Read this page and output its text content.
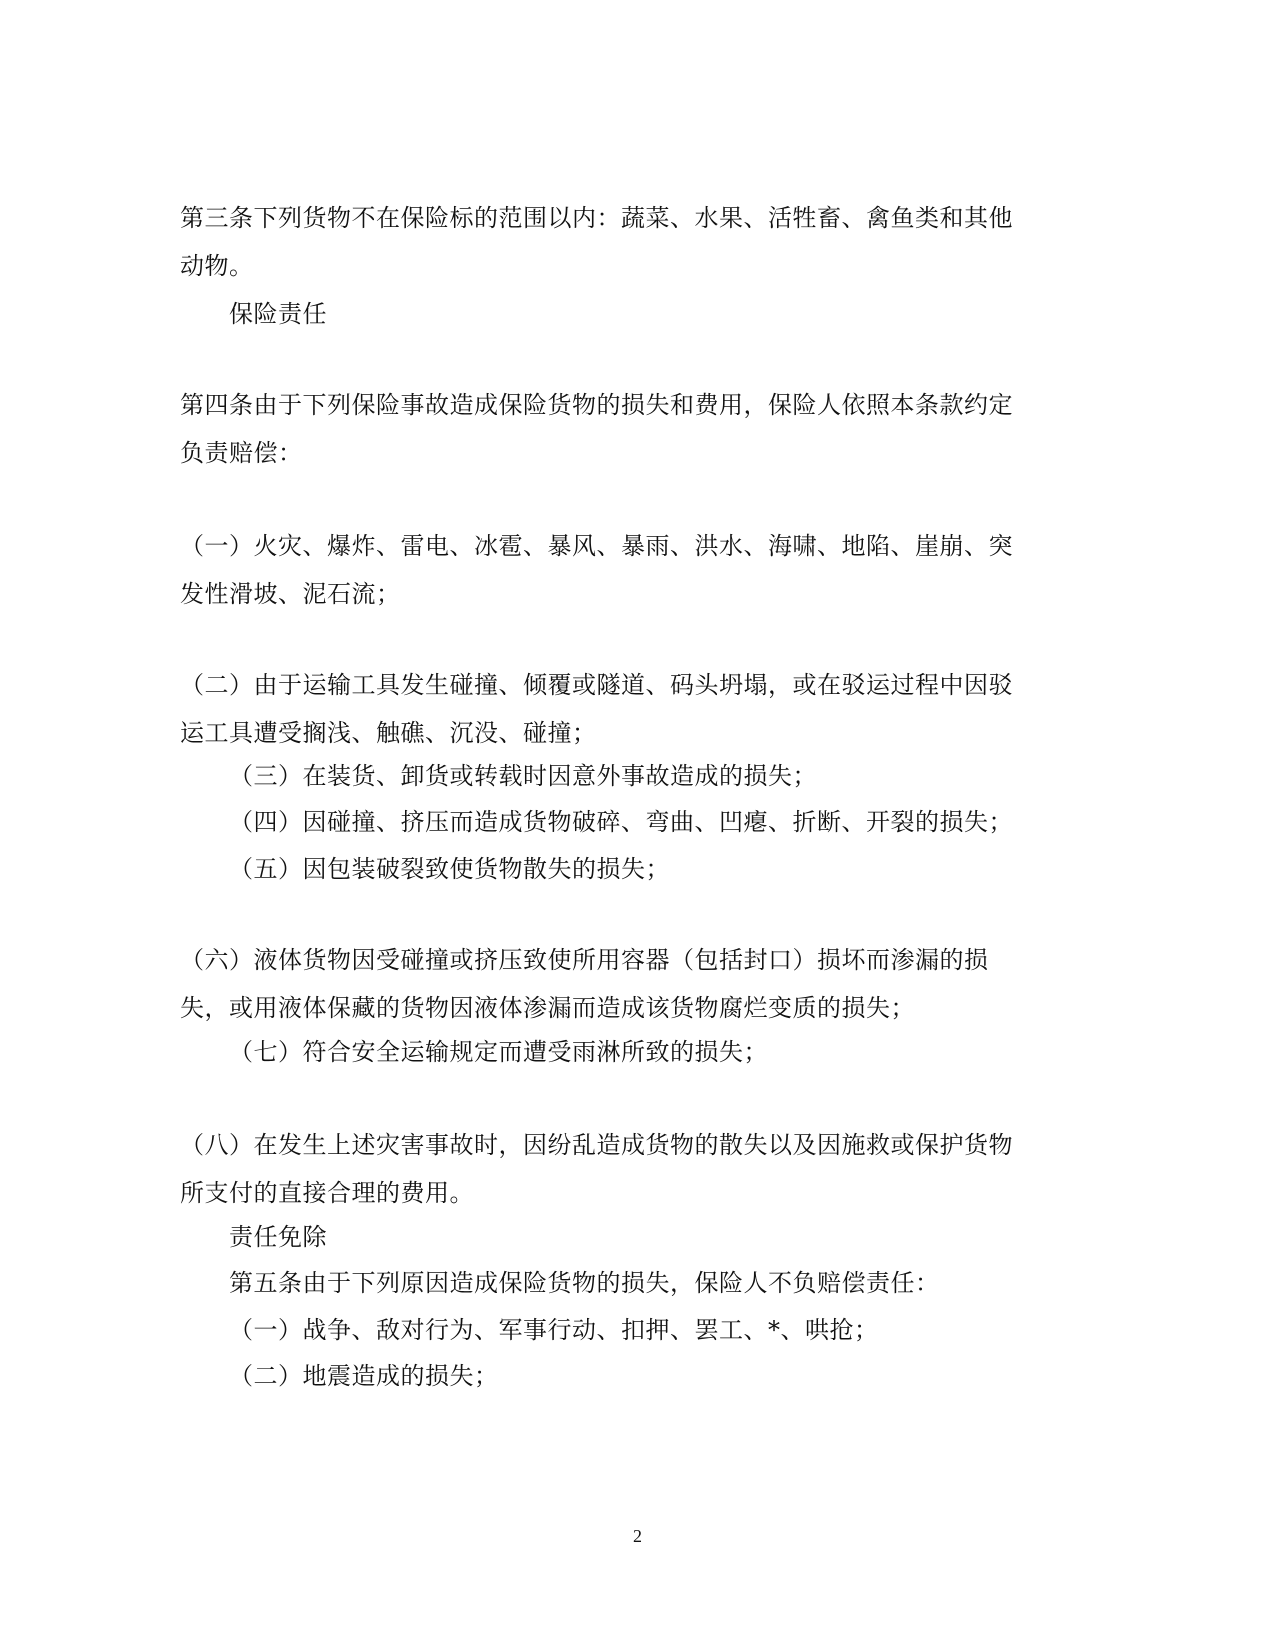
第三条下列货物不在保险标的范围以内：蔬菜、水果、活牲畜、禽鱼类和其他动物。
保险责任
第四条由于下列保险事故造成保险货物的损失和费用，保险人依照本条款约定负责赔偿：
（一）火灾、爆炸、雷电、冰雹、暴风、暴雨、洪水、海啸、地陷、崖崩、突发性滑坡、泥石流；
（二）由于运输工具发生碰撞、倾覆或隧道、码头坍塌，或在驳运过程中因驳运工具遭受搁浅、触礁、沉没、碰撞；
（三）在装货、卸货或转载时因意外事故造成的损失；
（四）因碰撞、挤压而造成货物破碎、弯曲、凹瘪、折断、开裂的损失；
（五）因包装破裂致使货物散失的损失；
（六）液体货物因受碰撞或挤压致使所用容器（包括封口）损坏而渗漏的损失，或用液体保藏的货物因液体渗漏而造成该货物腐烂变质的损失；
（七）符合安全运输规定而遭受雨淋所致的损失；
（八）在发生上述灾害事故时，因纷乱造成货物的散失以及因施救或保护货物所支付的直接合理的费用。
责任免除
第五条由于下列原因造成保险货物的损失，保险人不负赔偿责任：
（一）战争、敌对行为、军事行动、扣押、罢工、*、哄抢；
（二）地震造成的损失；
2
